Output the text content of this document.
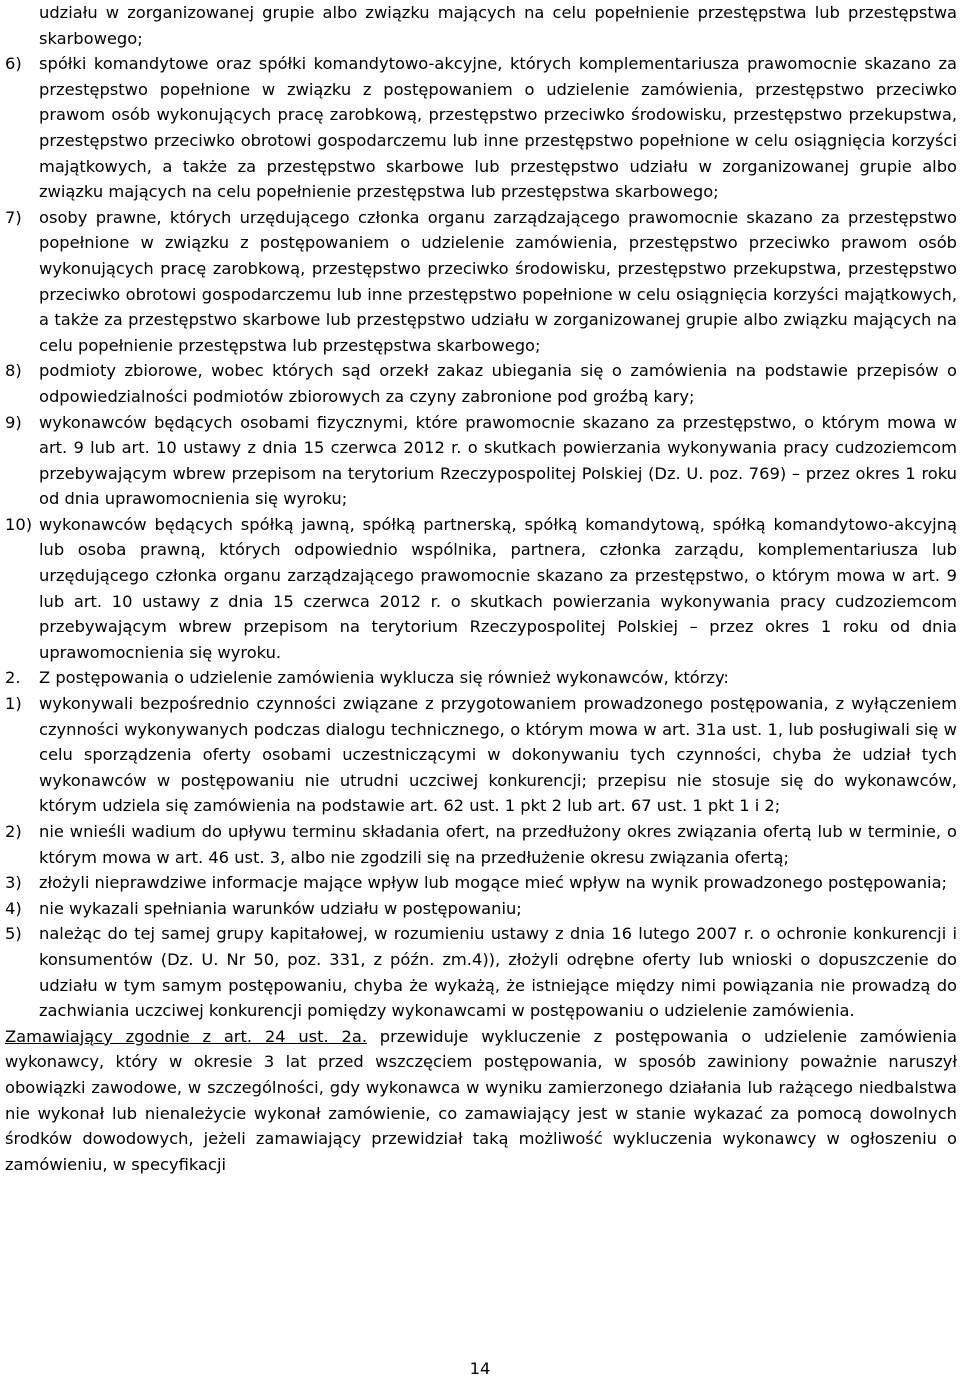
udziału w zorganizowanej grupie albo związku mających na celu popełnienie przestępstwa lub przestępstwa skarbowego;
6)	spółki komandytowe oraz spółki komandytowo-akcyjne, których komplementariusza prawomocnie skazano za przestępstwo popełnione w związku z postępowaniem o udzielenie zamówienia, przestępstwo przeciwko prawom osób wykonujących pracę zarobkową, przestępstwo przeciwko środowisku, przestępstwo przekupstwa, przestępstwo przeciwko obrotowi gospodarczemu lub inne przestępstwo popełnione w celu osiągnięcia korzyści majątkowych, a także za przestępstwo skarbowe lub przestępstwo udziału w zorganizowanej grupie albo związku mających na celu popełnienie przestępstwa lub przestępstwa skarbowego;
7)	osoby prawne, których urzędującego członka organu zarządzającego prawomocnie skazano za przestępstwo popełnione w związku z postępowaniem o udzielenie zamówienia, przestępstwo przeciwko prawom osób wykonujących pracę zarobkową, przestępstwo przeciwko środowisku, przestępstwo przekupstwa, przestępstwo przeciwko obrotowi gospodarczemu lub inne przestępstwo popełnione w celu osiągnięcia korzyści majątkowych, a także za przestępstwo skarbowe lub przestępstwo udziału w zorganizowanej grupie albo związku mających na celu popełnienie przestępstwa lub przestępstwa skarbowego;
8)	podmioty zbiorowe, wobec których sąd orzekł zakaz ubiegania się o zamówienia na podstawie przepisów o odpowiedzialności podmiotów zbiorowych za czyny zabronione pod groźbą kary;
9)	wykonawców będących osobami fizycznymi, które prawomocnie skazano za przestępstwo, o którym mowa w art. 9 lub art. 10 ustawy z dnia 15 czerwca 2012 r. o skutkach powierzania wykonywania pracy cudzoziemcom przebywającym wbrew przepisom na terytorium Rzeczypospolitej Polskiej (Dz. U. poz. 769) – przez okres 1 roku od dnia uprawomocnienia się wyroku;
10) wykonawców będących spółką jawną, spółką partnerską, spółką komandytową, spółką komandytowo-akcyjną lub osoba prawną, których odpowiednio wspólnika, partnera, członka zarządu, komplementariusza lub urzędującego członka organu zarządzającego prawomocnie skazano za przestępstwo, o którym mowa w art. 9 lub art. 10 ustawy z dnia 15 czerwca 2012 r. o skutkach powierzania wykonywania pracy cudzoziemcom przebywającym wbrew przepisom na terytorium Rzeczypospolitej Polskiej – przez okres 1 roku od dnia uprawomocnienia się wyroku.
2.	Z postępowania o udzielenie zamówienia wyklucza się również wykonawców, którzy:
1)	wykonywali bezpośrednio czynności związane z przygotowaniem prowadzonego postępowania, z wyłączeniem czynności wykonywanych podczas dialogu technicznego, o którym mowa w art. 31a ust. 1, lub posługiwali się w celu sporządzenia oferty osobami uczestniczącymi w dokonywaniu tych czynności, chyba że udział tych wykonawców w postępowaniu nie utrudni uczciwej konkurencji; przepisu nie stosuje się do wykonawców, którym udziela się zamówienia na podstawie art. 62 ust. 1 pkt 2 lub art. 67 ust. 1 pkt 1 i 2;
2)	nie wnieśli wadium do upływu terminu składania ofert, na przedłużony okres związania ofertą lub w terminie, o którym mowa w art. 46 ust. 3, albo nie zgodzili się na przedłużenie okresu związania ofertą;
3)	złożyli nieprawdziwe informacje mające wpływ lub mogące mieć wpływ na wynik prowadzonego postępowania;
4)	nie wykazali spełniania warunków udziału w postępowaniu;
5)	należąc do tej samej grupy kapitałowej, w rozumieniu ustawy z dnia 16 lutego 2007 r. o ochronie konkurencji i konsumentów (Dz. U. Nr 50, poz. 331, z późn. zm.4)), złożyli odrębne oferty lub wnioski o dopuszczenie do udziału w tym samym postępowaniu, chyba że wykażą, że istniejące między nimi powiązania nie prowadzą do zachwiania uczciwej konkurencji pomiędzy wykonawcami w postępowaniu o udzielenie zamówienia.
Zamawiający zgodnie z art. 24 ust. 2a. przewiduje wykluczenie z postępowania o udzielenie zamówienia wykonawcy, który w okresie 3 lat przed wszczęciem postępowania, w sposób zawiniony poważnie naruszył obowiązki zawodowe, w szczególności, gdy wykonawca w wyniku zamierzonego działania lub rażącego niedbalstwa nie wykonał lub nienależycie wykonał zamówienie, co zamawiający jest w stanie wykazać za pomocą dowolnych środków dowodowych, jeżeli zamawiający przewidział taką możliwość wykluczenia wykonawcy w ogłoszeniu o zamówieniu, w specyfikacji
14
